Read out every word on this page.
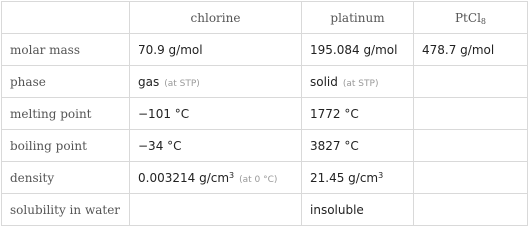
	chlorine	platinum	PtCl$_8$
molar mass	70.9 g/mol	195.084 g/mol	478.7 g/mol
phase	gas (at STP)	solid (at STP)	
melting point	−101 °C	1772 °C	
boiling point	−34 °C	3827 °C	
density	0.003214 $g/cm^3$ (at 0 °C)	21.45 $g/cm^3$	
solubility in water		insoluble	
